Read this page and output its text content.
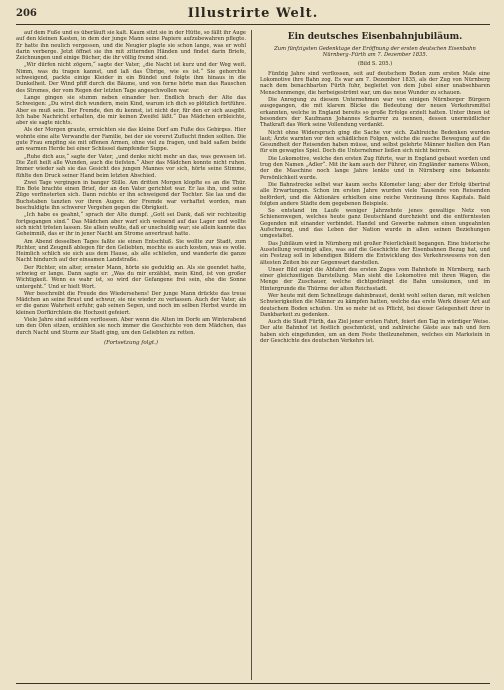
206	Illustrirte Welt.

auf dem Fuße und es überläuft sie kalt. Kaum sitzt sie in der Hütte, so fällt ihr Auge auf den kleinen Kasten, in dem der junge Mann seine Papiere aufzubewahren pflegte. Er hatte ihn neulich vergessen, und die Neugier plagte sie schon lange, was er wohl darin verberge. Jetzt öffnet sie ihn mit zitternden Händen und findet darin Briefe, Zeichnungen und einige Bücher, die ihr völlig fremd sind.

„Wir dürfen nicht zögern,“ sagte der Vater, „die Nacht ist kurz und der Weg weit. Nimm, was du tragen kannst, und laß das Übrige, wie es ist.“ Sie gehorchte schweigend, packte einige Kleider in ein Bündel und folgte ihm hinaus in die Dunkelheit. Der Wind pfiff durch die Bäume, und von ferne hörte man das Rauschen des Stromes, der vom Regen der letzten Tage angeschwollen war.

Lange gingen sie stumm neben einander her. Endlich brach der Alte das Schweigen: „Du wirst dich wundern, mein Kind, warum ich dich so plötzlich fortführe. Aber es muß sein. Der Fremde, den du kennst, ist nicht der, für den er sich ausgibt. Ich habe Nachricht erhalten, die mir keinen Zweifel läßt.“ Das Mädchen erbleichte, aber sie sagte nichts.

Als der Morgen graute, erreichten sie das kleine Dorf am Fuße des Gebirges. Hier wohnte eine alte Verwandte der Familie, bei der sie vorerst Zuflucht finden sollten. Die gute Frau empfing sie mit offenen Armen, ohne viel zu fragen, und bald saßen beide am warmen Herde bei einer Schüssel dampfender Suppe.

„Ruhe dich aus,“ sagte der Vater, „und denke nicht mehr an das, was gewesen ist. Die Zeit heilt alle Wunden, auch die tiefsten.“ Aber das Mädchen konnte nicht ruhen. Immer wieder sah sie das Gesicht des jungen Mannes vor sich, hörte seine Stimme, fühlte den Druck seiner Hand beim letzten Abschied.

Zwei Tage vergingen in banger Stille. Am dritten Morgen klopfte es an die Thür. Ein Bote brachte einen Brief, der an den Vater gerichtet war. Er las ihn, und seine Züge verfinsterten sich. Dann reichte er ihn schweigend der Tochter. Sie las und die Buchstaben tanzten vor ihren Augen: der Fremde war verhaftet worden, man beschuldigte ihn schwerer Vergehen gegen die Obrigkeit.

„Ich habe es geahnt,“ sprach der Alte dumpf. „Gott sei Dank, daß wir rechtzeitig fortgegangen sind.“ Das Mädchen aber warf sich weinend auf das Lager und wollte sich nicht trösten lassen. Sie allein wußte, daß er unschuldig war; sie allein kannte das Geheimniß, das er ihr in jener Nacht am Strome anvertraut hatte.

Am Abend desselben Tages faßte sie einen Entschluß. Sie wollte zur Stadt, zum Richter, und Zeugniß ablegen für den Geliebten, mochte es auch kosten, was es wolle. Heimlich schlich sie sich aus dem Hause, als alle schliefen, und wanderte die ganze Nacht hindurch auf der einsamen Landstraße.

Der Richter, ein alter, ernster Mann, hörte sie geduldig an. Als sie geendet hatte, schwieg er lange. Dann sagte er: „Was du mir erzählst, mein Kind, ist von großer Wichtigkeit. Wenn es wahr ist, so wird der Gefangene frei sein, ehe die Sonne untergeht.“ Und er hielt Wort.

Wer beschreibt die Freude des Wiedersehens! Der junge Mann drückte das treue Mädchen an seine Brust und schwur, sie nie wieder zu verlassen. Auch der Vater, als er die ganze Wahrheit erfuhr, gab seinen Segen, und noch im selben Herbst wurde im kleinen Dorfkirchlein die Hochzeit gefeiert.

Viele Jahre sind seitdem verflossen. Aber wenn die Alten im Dorfe am Winterabend um den Ofen sitzen, erzählen sie noch immer die Geschichte von dem Mädchen, das durch Nacht und Sturm zur Stadt ging, um den Geliebten zu retten.

(Fortsetzung folgt.)
Ein deutsches Eisenbahnjubiläum.
Zum fünfzigsten Gedenktage der Eröffnung der ersten deutschen Eisenbahn Nürnberg–Fürth am 7. Dezember 1835.
(Bild S. 205.)

Fünfzig Jahre sind verflossen, seit auf deutschem Boden zum ersten Male eine Lokomotive ihre Bahn zog. Es war am 7. Dezember 1835, als der Zug von Nürnberg nach dem benachbarten Fürth fuhr, begleitet von dem Jubel einer unabsehbaren Menschenmenge, die herbeigeströmt war, um das neue Wunder zu schauen.

Die Anregung zu diesem Unternehmen war von einigen Nürnberger Bürgern ausgegangen, die mit klarem Blicke die Bedeutung der neuen Verkehrsmittel erkannten, welche in England bereits so große Erfolge erzielt hatten. Unter ihnen ist besonders der Kaufmann Johannes Scharrer zu nennen, dessen unermüdlicher Thatkraft das Werk seine Vollendung verdankt.

Nicht ohne Widerspruch ging die Sache vor sich. Zahlreiche Bedenken wurden laut; Ärzte warnten vor den schädlichen Folgen, welche die rasche Bewegung auf die Gesundheit der Reisenden haben müsse, und selbst gelehrte Männer hielten den Plan für ein gewagtes Spiel. Doch die Unternehmer ließen sich nicht beirren.

Die Lokomotive, welche den ersten Zug führte, war in England gebaut worden und trug den Namen „Adler“. Mit ihr kam auch der Führer, ein Engländer namens Wilson, der die Maschine noch lange Jahre lenkte und in Nürnberg eine bekannte Persönlichkeit wurde.

Die Bahnstrecke selbst war kaum sechs Kilometer lang; aber der Erfolg übertraf alle Erwartungen. Schon im ersten Jahre wurden viele Tausende von Reisenden befördert, und die Aktionäre erhielten eine reiche Verzinsung ihres Kapitals. Bald folgten andere Städte dem gegebenen Beispiele.

So entstand im Laufe weniger Jahrzehnte jenes gewaltige Netz von Schienenwegen, welches heute ganz Deutschland durchzieht und die entferntesten Gegenden mit einander verbindet. Handel und Gewerbe nahmen einen ungeahnten Aufschwung, und das Leben der Nation wurde in allen seinen Beziehungen umgestaltet.

Das Jubiläum wird in Nürnberg mit großer Feierlichkeit begangen. Eine historische Ausstellung vereinigt alles, was auf die Geschichte der Eisenbahnen Bezug hat, und ein Festzug soll in lebendigen Bildern die Entwicklung des Verkehrswesens von den ältesten Zeiten bis zur Gegenwart darstellen.

Unser Bild zeigt die Abfahrt des ersten Zuges vom Bahnhofe in Nürnberg, nach einer gleichzeitigen Darstellung. Man sieht die Lokomotive mit ihren Wagen, die Menge der Zuschauer, welche dichtgedrängt die Bahn umsäumen, und im Hintergrunde die Thürme der alten Reichsstadt.

Wer heute mit dem Schnellzuge dahinbraust, denkt wohl selten daran, mit welchen Schwierigkeiten die Männer zu kämpfen hatten, welche das erste Werk dieser Art auf deutschem Boden schufen. Um so mehr ist es Pflicht, bei dieser Gelegenheit ihrer in Dankbarkeit zu gedenken.

Auch die Stadt Fürth, das Ziel jener ersten Fahrt, feiert den Tag in würdiger Weise. Der alte Bahnhof ist festlich geschmückt, und zahlreiche Gäste aus nah und fern haben sich eingefunden, um an dem Feste theilzunehmen, welches ein Markstein in der Geschichte des deutschen Verkehrs ist.
